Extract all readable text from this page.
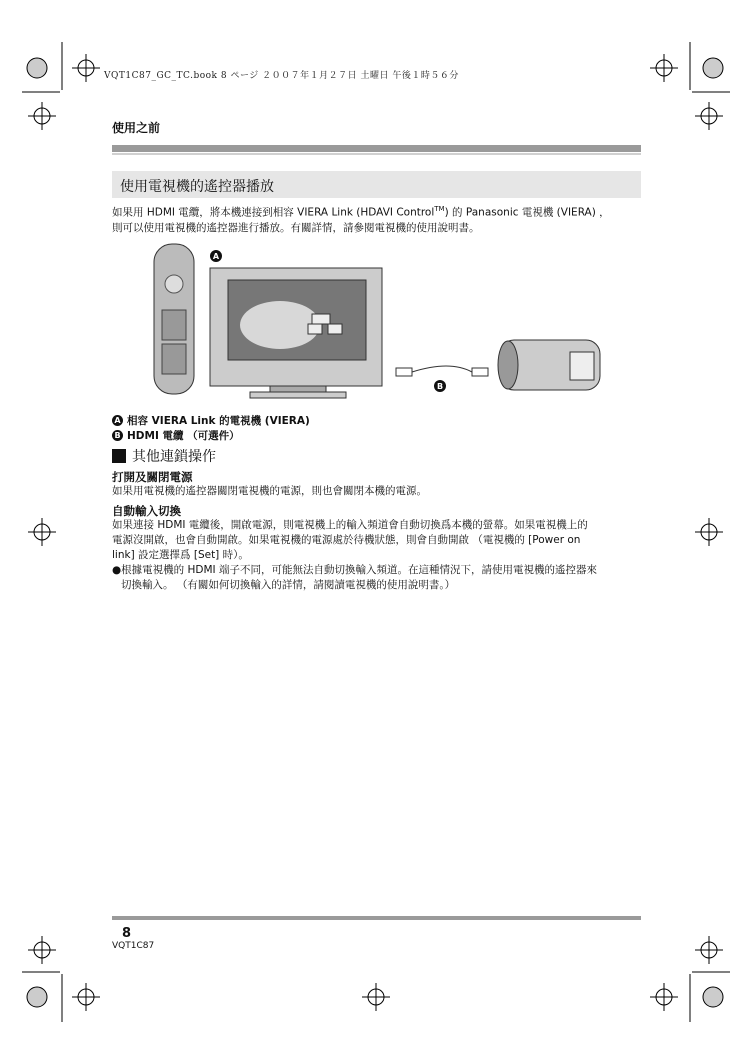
VQT1C87_GC_TC.book 8 ページ ２００７年１月２７日 土曜日 午後１時５６分
使用之前
使用電視機的遙控器播放
如果用 HDMI 電纜，將本機連接到相容 VIERA Link (HDAVI Control™) 的 Panasonic 電視機 (VIERA) ，
則可以使用電視機的遙控器進行播放。有關詳情，請參閱電視機的使用說明書。
A
B
A 相容 VIERA Link 的電視機 (VIERA)
B HDMI 電纜 （可選件）
其他連鎖操作
打開及關閉電源
如果用電視機的遙控器關閉電視機的電源，則也會關閉本機的電源。
自動輸入切換
如果連接 HDMI 電纜後，開啟電源，則電視機上的輸入頻道會自動切換爲本機的螢幕。如果電視機上的
電源沒開啟，也會自動開啟。如果電視機的電源處於待機狀態，則會自動開啟 （電視機的 [Power on
link] 設定選擇爲 [Set] 時）。
●根據電視機的 HDMI 端子不同，可能無法自動切換輸入頻道。在這種情況下，請使用電視機的遙控器來
切換輸入。 （有關如何切換輸入的詳情，請閱讀電視機的使用說明書。）
8
VQT1C87
